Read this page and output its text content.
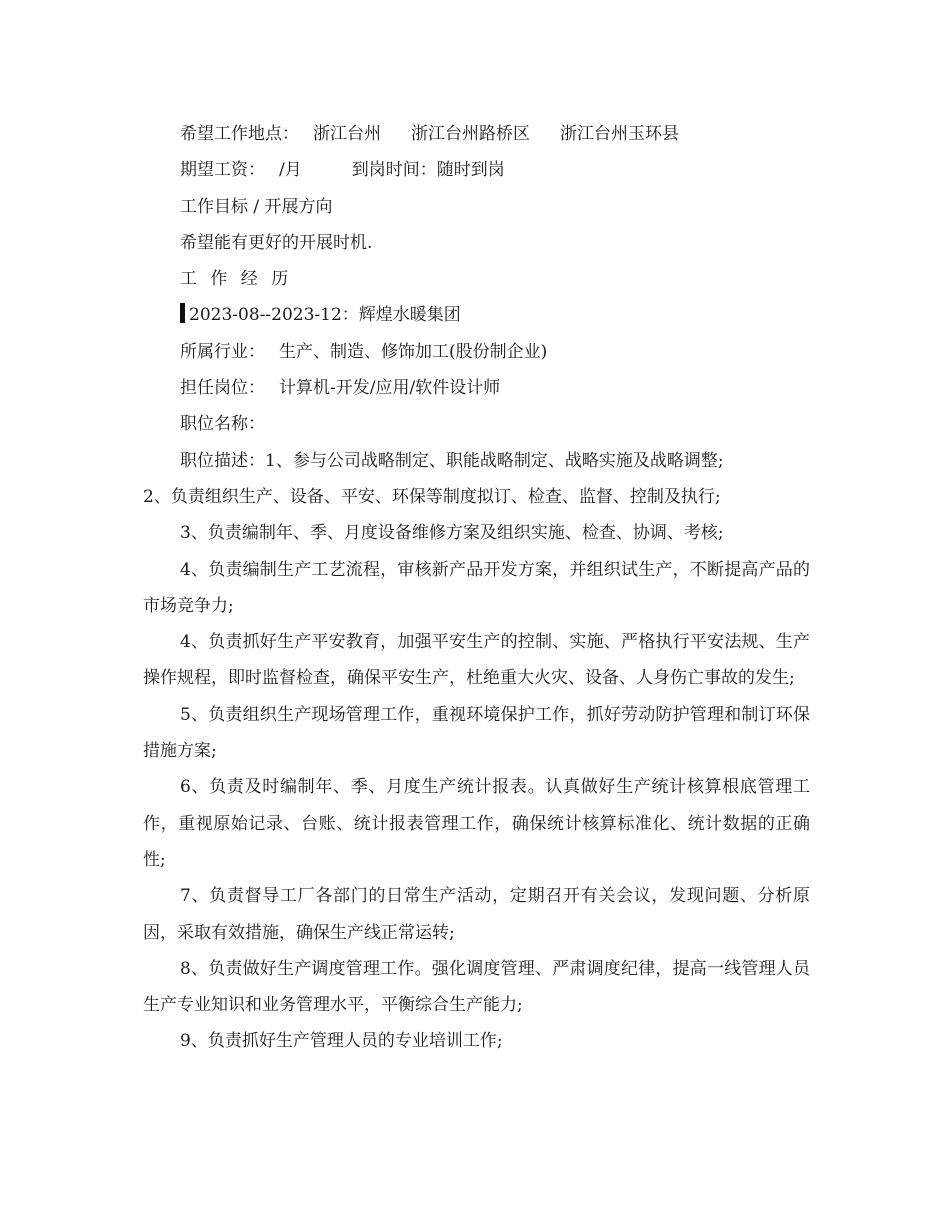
希望工作地点： 浙江台州 浙江台州路桥区 浙江台州玉环县
期望工资： /月	到岗时间：随时到岗
工作目标 / 开展方向
希望能有更好的开展时机.
工 作 经 历
2023-08--2023-12：辉煌水暖集团
所属行业： 生产、制造、修饰加工(股份制企业)
担任岗位： 计算机-开发/应用/软件设计师
职位名称：
职位描述：1、参与公司战略制定、职能战略制定、战略实施及战略调整;
2、负责组织生产、设备、平安、环保等制度拟订、检查、监督、控制及执行;
3、负责编制年、季、月度设备维修方案及组织实施、检查、协调、考核;
4、负责编制生产工艺流程，审核新产品开发方案，并组织试生产，不断提高产品的市场竞争力;
4、负责抓好生产平安教育，加强平安生产的控制、实施、严格执行平安法规、生产操作规程，即时监督检查，确保平安生产，杜绝重大火灾、设备、人身伤亡事故的发生;
5、负责组织生产现场管理工作，重视环境保护工作，抓好劳动防护管理和制订环保措施方案;
6、负责及时编制年、季、月度生产统计报表。认真做好生产统计核算根底管理工作，重视原始记录、台账、统计报表管理工作，确保统计核算标准化、统计数据的正确性;
7、负责督导工厂各部门的日常生产活动，定期召开有关会议，发现问题、分析原因，采取有效措施，确保生产线正常运转;
8、负责做好生产调度管理工作。强化调度管理、严肃调度纪律，提高一线管理人员生产专业知识和业务管理水平，平衡综合生产能力;
9、负责抓好生产管理人员的专业培训工作;
